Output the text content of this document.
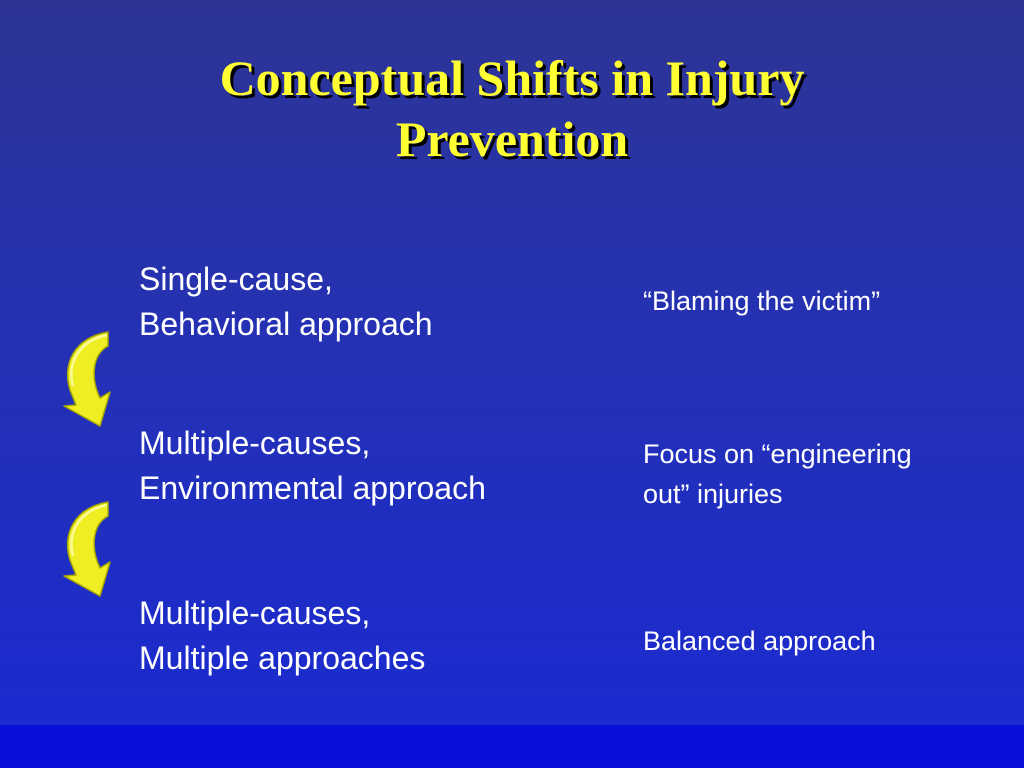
Conceptual Shifts in Injury
Prevention
Single-cause,
Behavioral approach
“Blaming the victim”
Multiple-causes,
Environmental approach
Focus on “engineering
out” injuries
Multiple-causes,
Multiple approaches	Balanced approach
